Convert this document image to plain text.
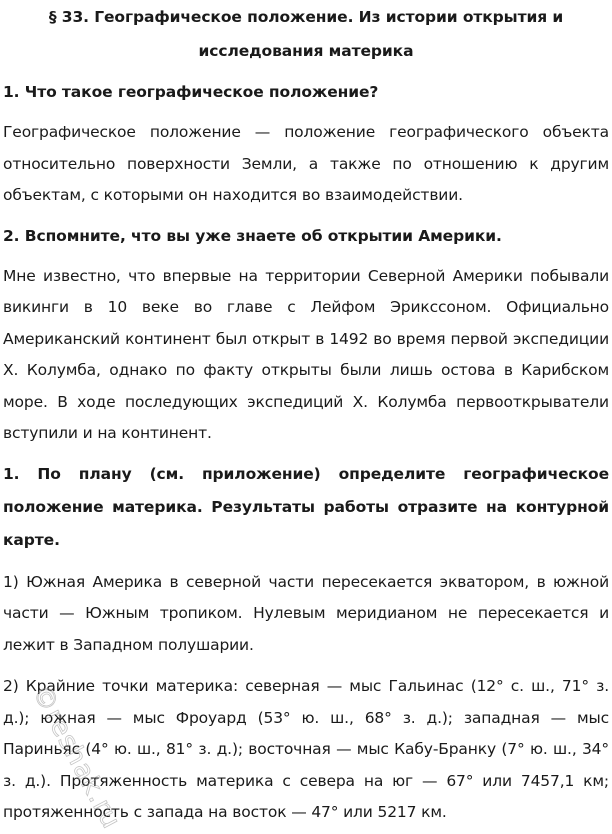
§ 33. Географическое положение. Из истории открытия и исследования материка

1. Что такое географическое положение?

Географическое положение — положение географического объекта относительно поверхности Земли, а также по отношению к другим объектам, с которыми он находится во взаимодействии.

2. Вспомните, что вы уже знаете об открытии Америки.

Мне известно, что впервые на территории Северной Америки побывали викинги в 10 веке во главе с Лейфом Эрикссоном. Официально Американский континент был открыт в 1492 во время первой экспедиции Х. Колумба, однако по факту открыты были лишь остова в Карибском море. В ходе последующих экспедиций Х. Колумба первооткрыватели вступили и на континент.

1. По плану (см. приложение) определите географическое положение материка. Результаты работы отразите на контурной карте.

1) Южная Америка в северной части пересекается экватором, в южной части — Южным тропиком. Нулевым меридианом не пересекается и лежит в Западном полушарии.

2) Крайние точки материка: северная — мыс Гальинас (12° с. ш., 71° з. д.); южная — мыс Фроуард (53° ю. ш., 68° з. д.); западная — мыс Париньяс (4° ю. ш., 81° з. д.); восточная — мыс Кабу-Бранку (7° ю. ш., 34° з. д.). Протяженность материка с севера на юг — 67° или 7457,1 км; протяженность с запада на восток — 47° или 5217 км.

©reshak.ru
